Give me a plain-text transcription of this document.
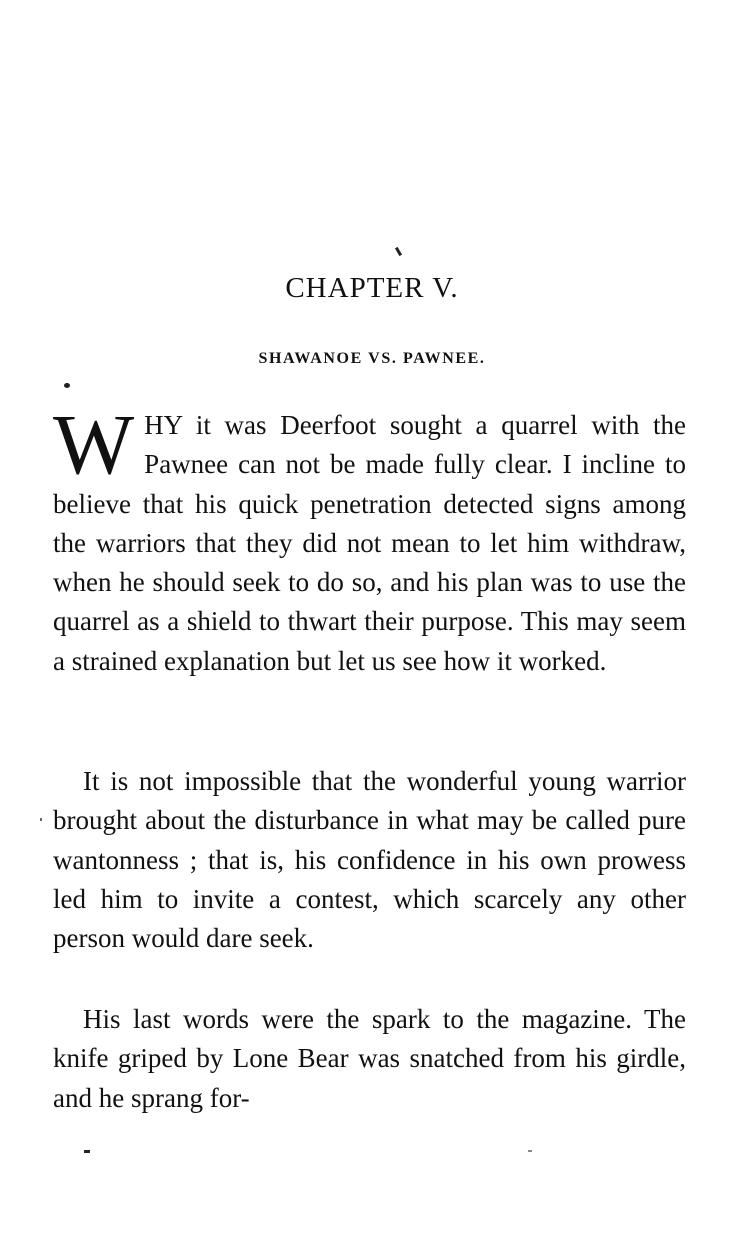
CHAPTER V.
SHAWANOE VS. PAWNEE.
WHY it was Deerfoot sought a quarrel with the Pawnee can not be made fully clear. I incline to believe that his quick penetration detected signs among the warriors that they did not mean to let him withdraw, when he should seek to do so, and his plan was to use the quarrel as a shield to thwart their purpose. This may seem a strained explanation but let us see how it worked.
It is not impossible that the wonderful young warrior brought about the disturbance in what may be called pure wantonness ; that is, his confidence in his own prowess led him to invite a contest, which scarcely any other person would dare seek.
His last words were the spark to the magazine. The knife griped by Lone Bear was snatched from his girdle, and he sprang for-
